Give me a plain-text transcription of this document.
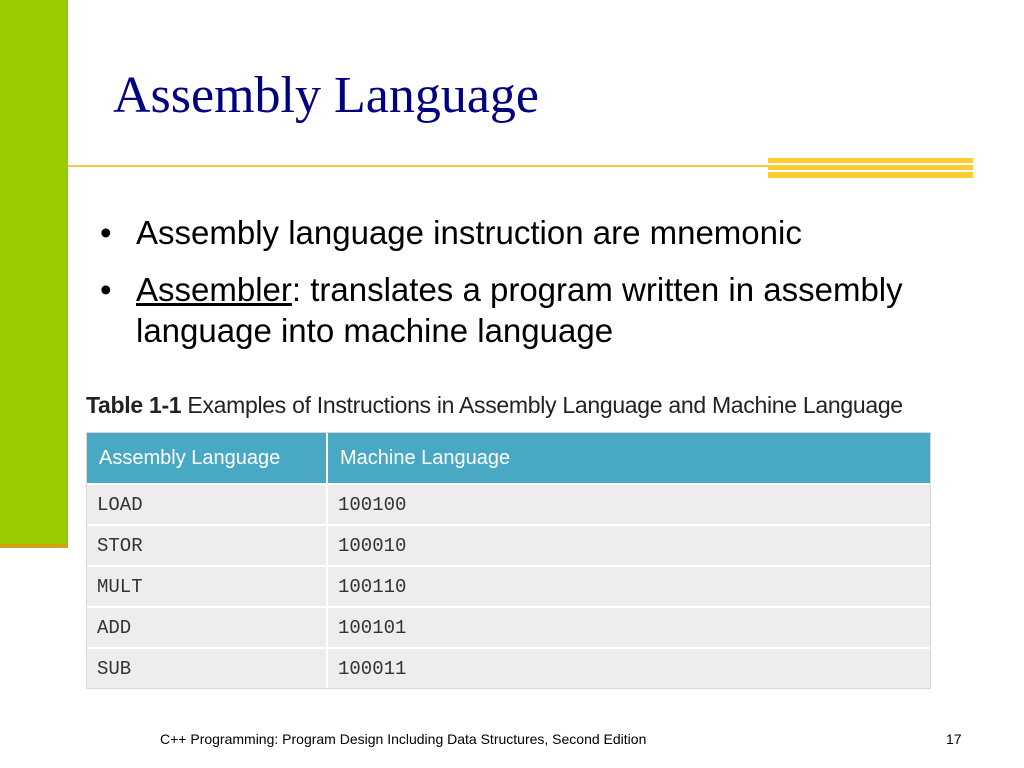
Assembly Language
• Assembly language instruction are mnemonic
• Assembler: translates a program written in assembly language into machine language

Table 1-1 Examples of Instructions in Assembly Language and Machine Language

Assembly Language	Machine Language
LOAD	100100
STOR	100010
MULT	100110
ADD	100101
SUB	100011
C++ Programming: Program Design Including Data Structures, Second Edition	17
